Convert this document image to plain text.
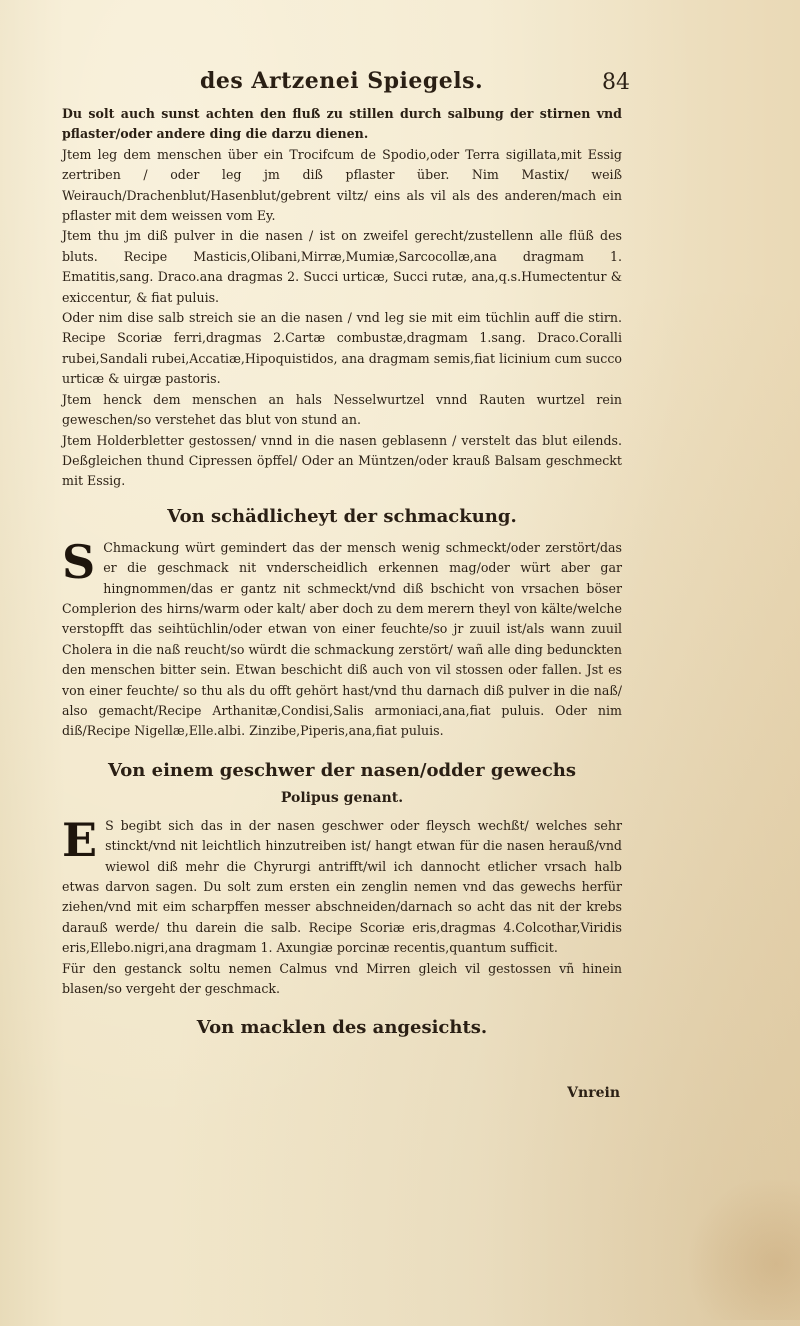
des Artzenei Spiegels.	84

Du solt auch sunst achten den fluß zu stillen durch salbung der stirnen vnd pflaster/oder andere ding die darzu dienen.

Jtem leg dem menschen über ein Trocifcum de Spodio,oder Terra sigillata,mit Essig zertriben / oder leg jm diß pflaster über. Nim Mastix/ weiß Weirauch/Drachenblut/Hasenblut/gebrent viltz/ eins als vil als des anderen/mach ein pflaster mit dem weissen vom Ey.

Jtem thu jm diß pulver in die nasen / ist on zweifel gerecht/zustellenn alle flüß des bluts. Recipe Masticis,Olibani,Mirræ,Mumiæ,Sarcocollæ,ana dragmam 1. Ematitis,sang. Draco.ana dragmas 2. Succi urticæ, Succi rutæ, ana,q.s.Humectentur & exiccentur, & fiat puluis.

Oder nim dise salb streich sie an die nasen / vnd leg sie mit eim tüchlin auff die stirn. Recipe Scoriæ ferri,dragmas 2.Cartæ combustæ,dragmam 1.sang. Draco.Coralli rubei,Sandali rubei,Accatiæ,Hipoquistidos, ana dragmam semis,fiat licinium cum succo urticæ & uirgæ pastoris.

Jtem henck dem menschen an hals Nesselwurtzel vnnd Rauten wurtzel rein geweschen/so verstehet das blut von stund an.

Jtem Holderbletter gestossen/ vnnd in die nasen geblasenn / verstelt das blut eilends. Deßgleichen thund Cipressen öpffel/ Oder an Müntzen/oder krauß Balsam geschmeckt mit Essig.

Von schädlicheyt der schmackung.

S Chmackung würt gemindert das der mensch wenig schmeckt/oder zerstört/das er die geschmack nit vnderscheidlich erkennen mag/oder würt aber gar hingnommen/das er gantz nit schmeckt/vnd diß bschicht von vrsachen böser Complerion des hirns/warm oder kalt/ aber doch zu dem merern theyl von kälte/welche verstopfft das seihtüchlin/oder etwan von einer feuchte/so jr zuuil ist/als wann zuuil Cholera in die naß reucht/so würdt die schmackung zerstört/ wañ alle ding bedunckten den menschen bitter sein. Etwan beschicht diß auch von vil stossen oder fallen. Jst es von einer feuchte/ so thu als du offt gehört hast/vnd thu darnach diß pulver in die naß/ also gemacht/Recipe Arthanitæ,Condisi,Salis armoniaci,ana,fiat puluis. Oder nim diß/Recipe Nigellæ,Elle.albi. Zinzibe,Piperis,ana,fiat puluis.

Von einem geschwer der nasen/odder gewechs
Polipus genant.

E S begibt sich das in der nasen geschwer oder fleysch wechßt/ welches sehr stinckt/vnd nit leichtlich hinzutreiben ist/ hangt etwan für die nasen herauß/vnd wiewol diß mehr die Chyrurgi antrifft/wil ich dannocht etlicher vrsach halb etwas darvon sagen. Du solt zum ersten ein zenglin nemen vnd das gewechs herfür ziehen/vnd mit eim scharpffen messer abschneiden/darnach so acht das nit der krebs darauß werde/ thu darein die salb. Recipe Scoriæ eris,dragmas 4.Colcothar,Viridis eris,Ellebo.nigri,ana dragmam 1. Axungiæ porcinæ recentis,quantum sufficit.

Für den gestanck soltu nemen Calmus vnd Mirren gleich vil gestossen vñ hinein blasen/so vergeht der geschmack.

Von macklen des angesichts.
Vnrein
